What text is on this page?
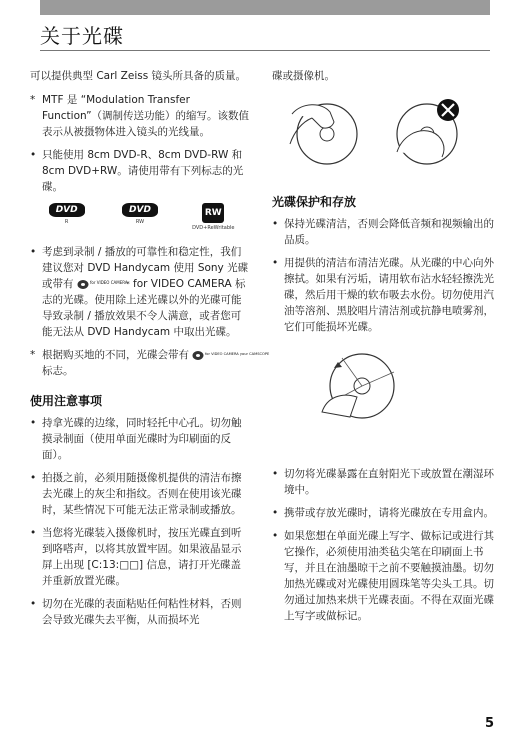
关于光碟

可以提供典型 Carl Zeiss 镜头所具备的质量。

* MTF 是 “Modulation Transfer Function”（调制传送功能）的缩写。该数值表示从被摄物体进入镜头的光线量。
• 只能使用 8cm DVD-R、8cm DVD-RW 和 8cm DVD+RW。请使用带有下列标志的光碟。
DVD
R
DVD
RW
RW
DVD+ReWritable
• 考虑到录制 / 播放的可靠性和稳定性，我们建议您对 DVD Handycam 使用 Sony 光碟或带有	for VIDEO CAMERA
* for VIDEO CAMERA 标志的光碟。使用除上述光碟以外的光碟可能导致录制 / 播放效果不令人满意，或者您可能无法从 DVD Handycam 中取出光碟。
* 根据购买地的不同，光碟会带有	for VIDEO CAMERA your CAMSCOPE
标志。
使用注意事项
• 持拿光碟的边缘，同时轻托中心孔。切勿触摸录制面（使用单面光碟时为印刷面的反面）。
• 拍摄之前，必须用随摄像机提供的清洁布擦去光碟上的灰尘和指纹。否则在使用该光碟时，某些情况下可能无法正常录制或播放。
• 当您将光碟装入摄像机时，按压光碟直到听到咯嗒声，以将其放置牢固。如果液晶显示屏上出现 [C:13:□□] 信息，请打开光碟盖并重新放置光碟。
• 切勿在光碟的表面粘贴任何粘性材料，否则会导致光碟失去平衡，从而损坏光

碟或摄像机。

光碟保护和存放
• 保持光碟清洁，否则会降低音频和视频输出的品质。
• 用提供的清洁布清洁光碟。从光碟的中心向外擦拭。如果有污垢，请用软布沾水轻轻擦洗光碟，然后用干燥的软布吸去水份。切勿使用汽油等溶剂、黑胶唱片清洁剂或抗静电喷雾剂，它们可能损坏光碟。
• 切勿将光碟暴露在直射阳光下或放置在潮湿环境中。
• 携带或存放光碟时，请将光碟放在专用盒内。
• 如果您想在单面光碟上写字、做标记或进行其它操作，必须使用油类毡尖笔在印刷面上书写，并且在油墨晾干之前不要触摸油墨。切勿加热光碟或对光碟使用圆珠笔等尖头工具。切勿通过加热来烘干光碟表面。不得在双面光碟上写字或做标记。
5
